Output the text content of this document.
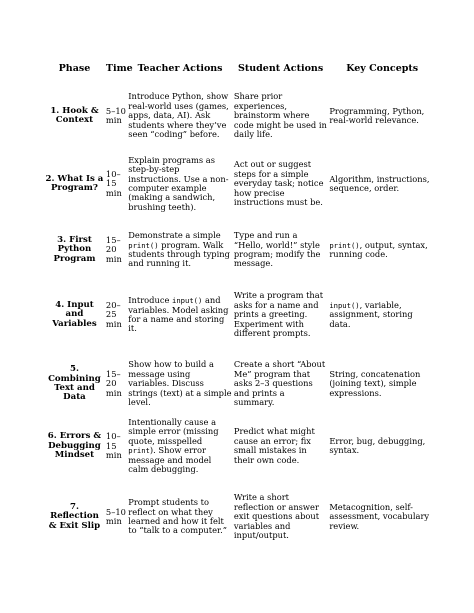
Phase	Time	Teacher Actions	Student Actions	Key Concepts
1. Hook & Context	5–10 min	Introduce Python, show real-world uses (games, apps, data, AI). Ask students where they’ve seen “coding” before.	Share prior experiences, brainstorm where code might be used in daily life.	Programming, Python, real-world relevance.
2. What Is a Program?	10–15 min	Explain programs as step-by-step instructions. Use a non-computer example (making a sandwich, brushing teeth).	Act out or suggest steps for a simple everyday task; notice how precise instructions must be.	Algorithm, instructions, sequence, order.
3. First Python Program	15–20 min	Demonstrate a simple print() program. Walk students through typing and running it.	Type and run a “Hello, world!” style program; modify the message.	print(), output, syntax, running code.
4. Input and Variables	20–25 min	Introduce input() and variables. Model asking for a name and storing it.	Write a program that asks for a name and prints a greeting. Experiment with different prompts.	input(), variable, assignment, storing data.
5. Combining Text and Data	15–20 min	Show how to build a message using variables. Discuss strings (text) at a simple level.	Create a short “About Me” program that asks 2–3 questions and prints a summary.	String, concatenation (joining text), simple expressions.
6. Errors & Debugging Mindset	10–15 min	Intentionally cause a simple error (missing quote, misspelled print). Show error message and model calm debugging.	Predict what might cause an error; fix small mistakes in their own code.	Error, bug, debugging, syntax.
7. Reflection & Exit Slip	5–10 min	Prompt students to reflect on what they learned and how it felt to “talk to a computer.”	Write a short reflection or answer exit questions about variables and input/output.	Metacognition, self-assessment, vocabulary review.
